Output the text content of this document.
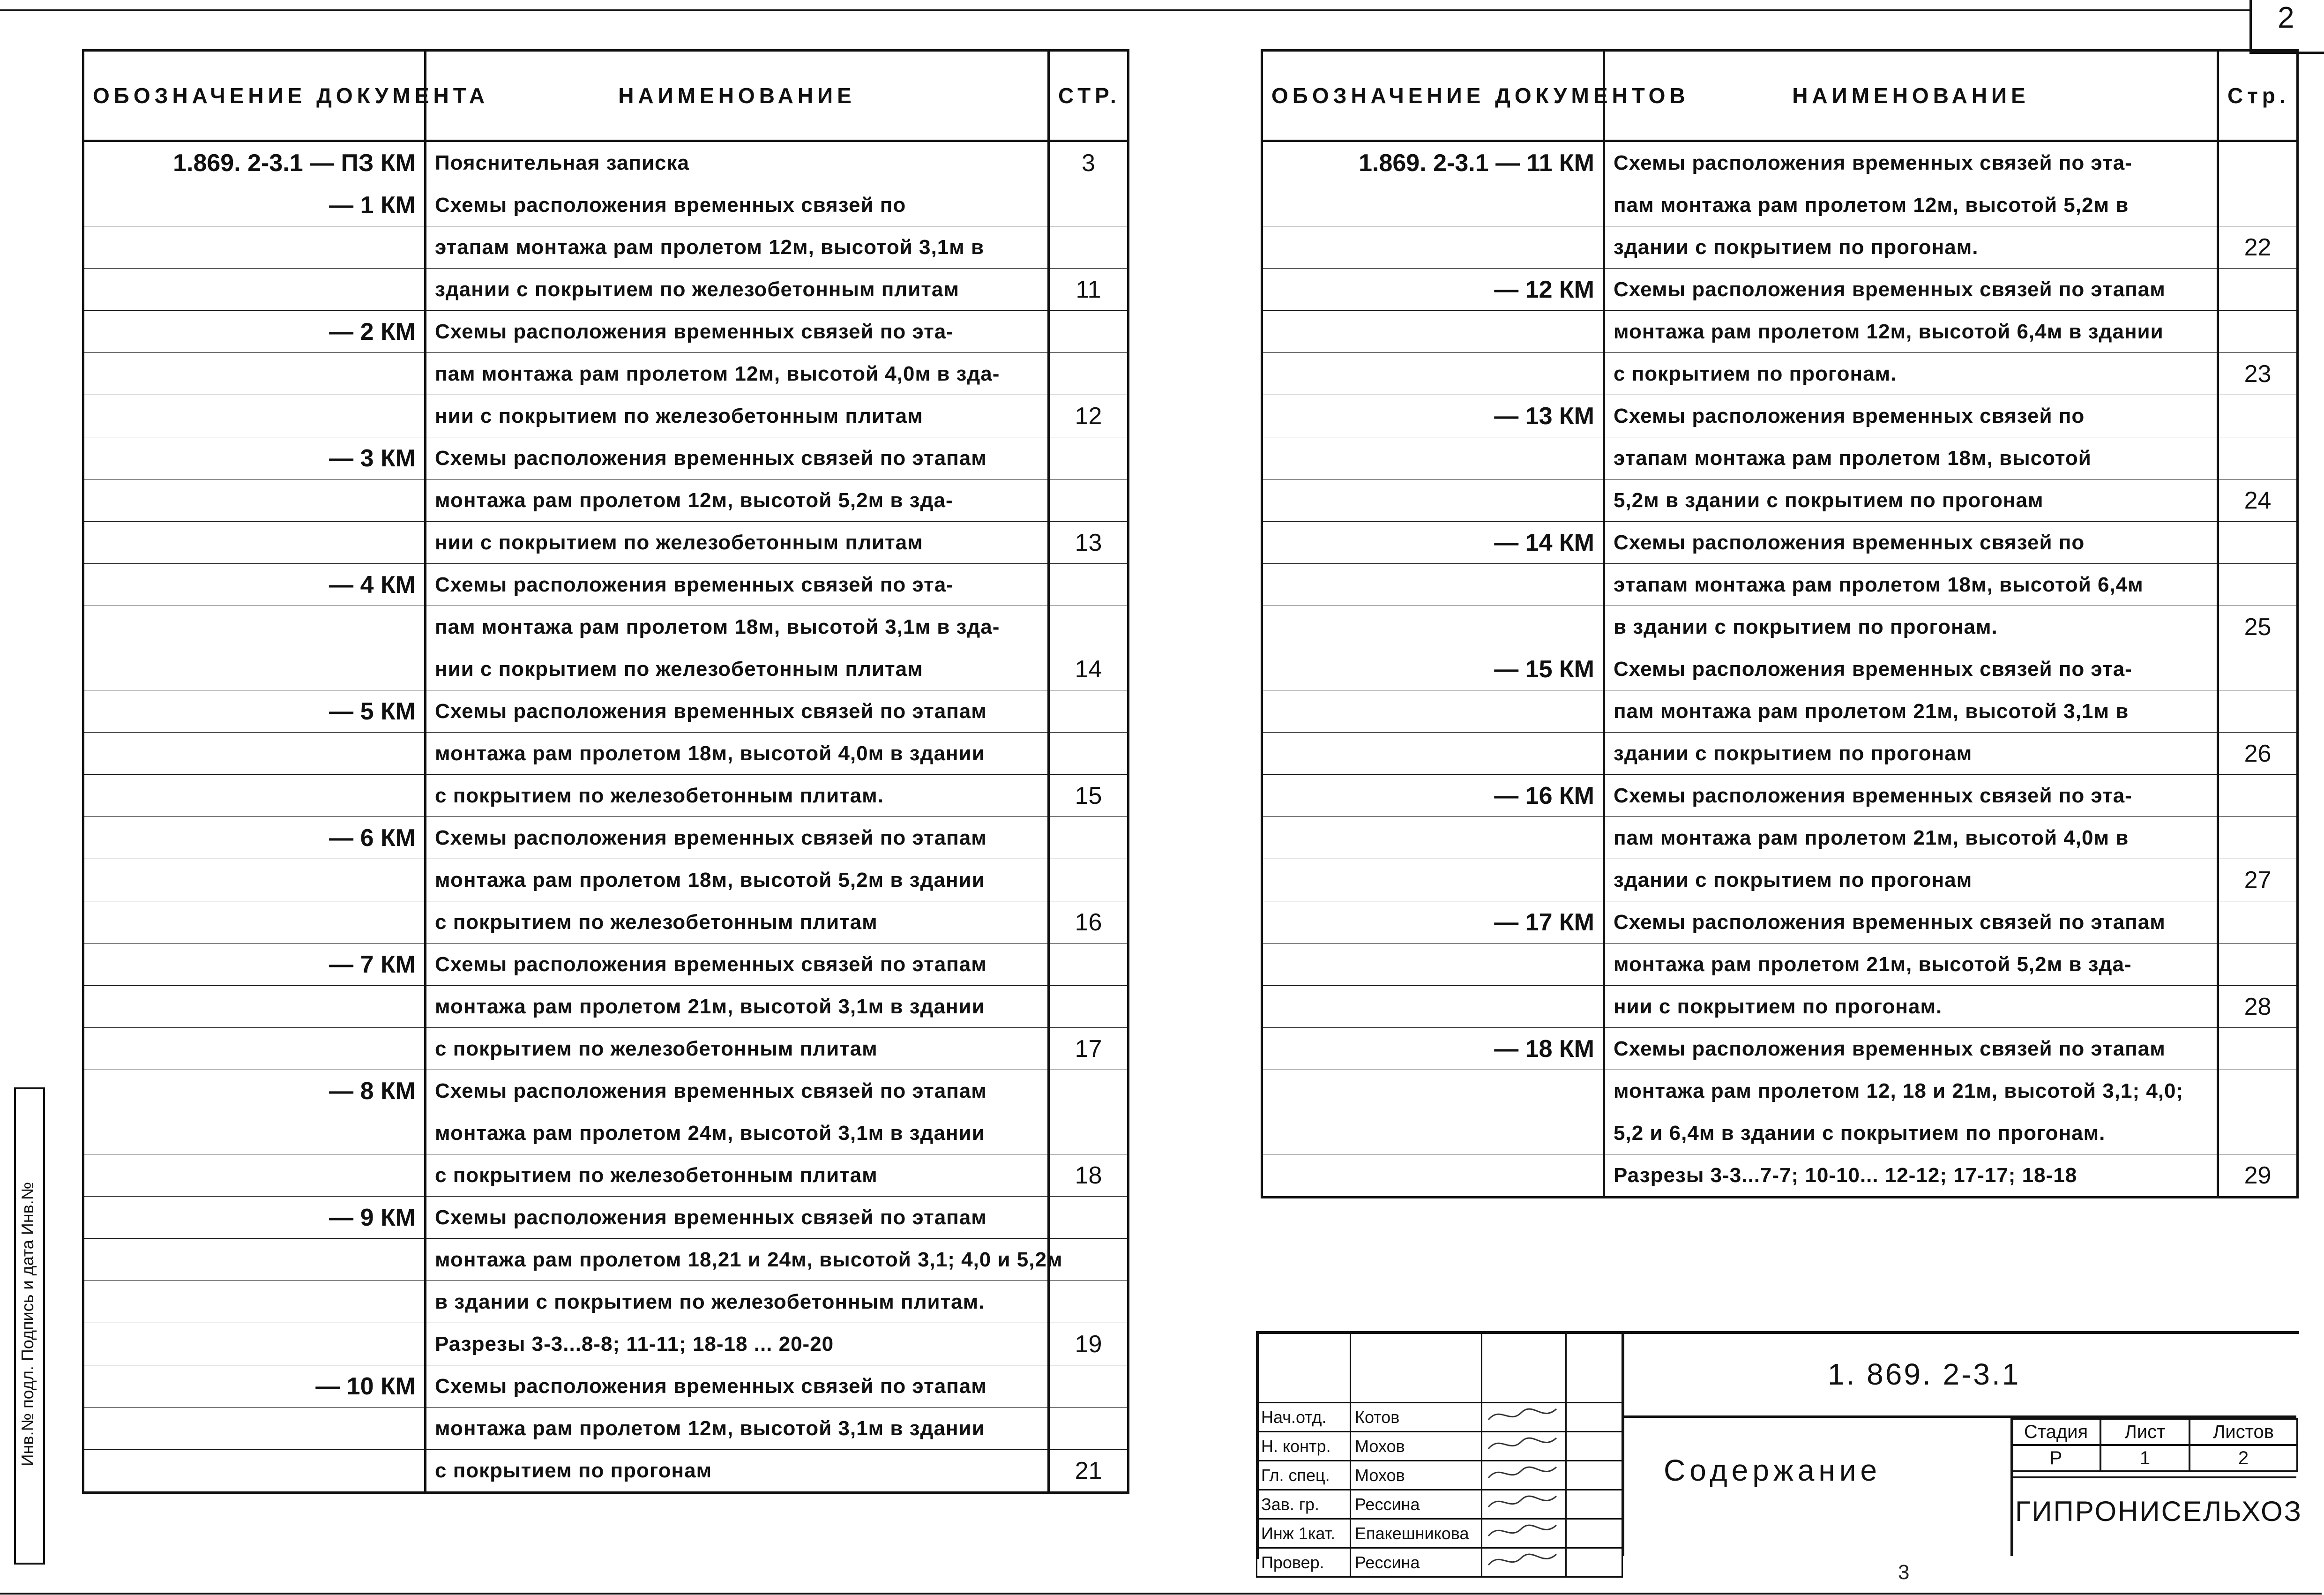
2
ОБОЗНАЧЕНИЕ ДОКУМЕНТА	НАИМЕНОВАНИЕ	СТР.
1.869. 2-3.1 — ПЗ КМ	Пояснительная записка	3
— 1 КМ	Схемы расположения временных связей по	
	этапам монтажа рам пролетом 12м, высотой 3,1м в	
	здании с покрытием по железобетонным плитам	11
— 2 КМ	Схемы расположения временных связей по эта-	
	пам монтажа рам пролетом 12м, высотой 4,0м в зда-	
	нии с покрытием по железобетонным плитам	12
— 3 КМ	Схемы расположения временных связей по этапам	
	монтажа рам пролетом 12м, высотой 5,2м в зда-	
	нии с покрытием по железобетонным плитам	13
— 4 КМ	Схемы расположения временных связей по эта-	
	пам монтажа рам пролетом 18м, высотой 3,1м в зда-	
	нии с покрытием по железобетонным плитам	14
— 5 КМ	Схемы расположения временных связей по этапам	
	монтажа рам пролетом 18м, высотой 4,0м в здании	
	с покрытием по железобетонным плитам.	15
— 6 КМ	Схемы расположения временных связей по этапам	
	монтажа рам пролетом 18м, высотой 5,2м в здании	
	с покрытием по железобетонным плитам	16
— 7 КМ	Схемы расположения временных связей по этапам	
	монтажа рам пролетом 21м, высотой 3,1м в здании	
	с покрытием по железобетонным плитам	17
— 8 КМ	Схемы расположения временных связей по этапам	
	монтажа рам пролетом 24м, высотой 3,1м в здании	
	с покрытием по железобетонным плитам	18
— 9 КМ	Схемы расположения временных связей по этапам	
	монтажа рам пролетом 18,21 и 24м, высотой 3,1; 4,0 и 5,2м	
	в здании с покрытием по железобетонным плитам.	
	Разрезы 3-3...8-8; 11-11; 18-18 ... 20-20	19
— 10 КМ	Схемы расположения временных связей по этапам	
	монтажа рам пролетом 12м, высотой 3,1м в здании	
	с покрытием по прогонам	21
ОБОЗНАЧЕНИЕ ДОКУМЕНТОВ	НАИМЕНОВАНИЕ	Стр.
1.869. 2-3.1 — 11 КМ	Схемы расположения временных связей по эта-	
	пам монтажа рам пролетом 12м, высотой 5,2м в	
	здании с покрытием по прогонам.	22
— 12 КМ	Схемы расположения временных связей по этапам	
	монтажа рам пролетом 12м, высотой 6,4м в здании	
	с покрытием по прогонам.	23
— 13 КМ	Схемы расположения временных связей по	
	этапам монтажа рам пролетом 18м, высотой	
	5,2м в здании с покрытием по прогонам	24
— 14 КМ	Схемы расположения временных связей по	
	этапам монтажа рам пролетом 18м, высотой 6,4м	
	в здании с покрытием по прогонам.	25
— 15 КМ	Схемы расположения временных связей по эта-	
	пам монтажа рам пролетом 21м, высотой 3,1м в	
	здании с покрытием по прогонам	26
— 16 КМ	Схемы расположения временных связей по эта-	
	пам монтажа рам пролетом 21м, высотой 4,0м в	
	здании с покрытием по прогонам	27
— 17 КМ	Схемы расположения временных связей по этапам	
	монтажа рам пролетом 21м, высотой 5,2м в зда-	
	нии с покрытием по прогонам.	28
— 18 КМ	Схемы расположения временных связей по этапам	
	монтажа рам пролетом 12, 18 и 21м, высотой 3,1; 4,0;	
	5,2 и 6,4м в здании с покрытием по прогонам.	
	Разрезы 3-3...7-7; 10-10... 12-12; 17-17; 18-18	29

Нач.отд.	Котов		
Н. контр.	Мохов		
Гл. спец.	Мохов		
Зав. гр.	Рессина		
Инж 1кат.	Епакешникова		
Провер.	Рессина		
1. 869. 2-3.1
Содержание
Стадия	Лист	Листов
Р	1	2
ГИПРОНИСЕЛЬХОЗ
Инв.№ подл. Подпись и дата Инв.№
3
